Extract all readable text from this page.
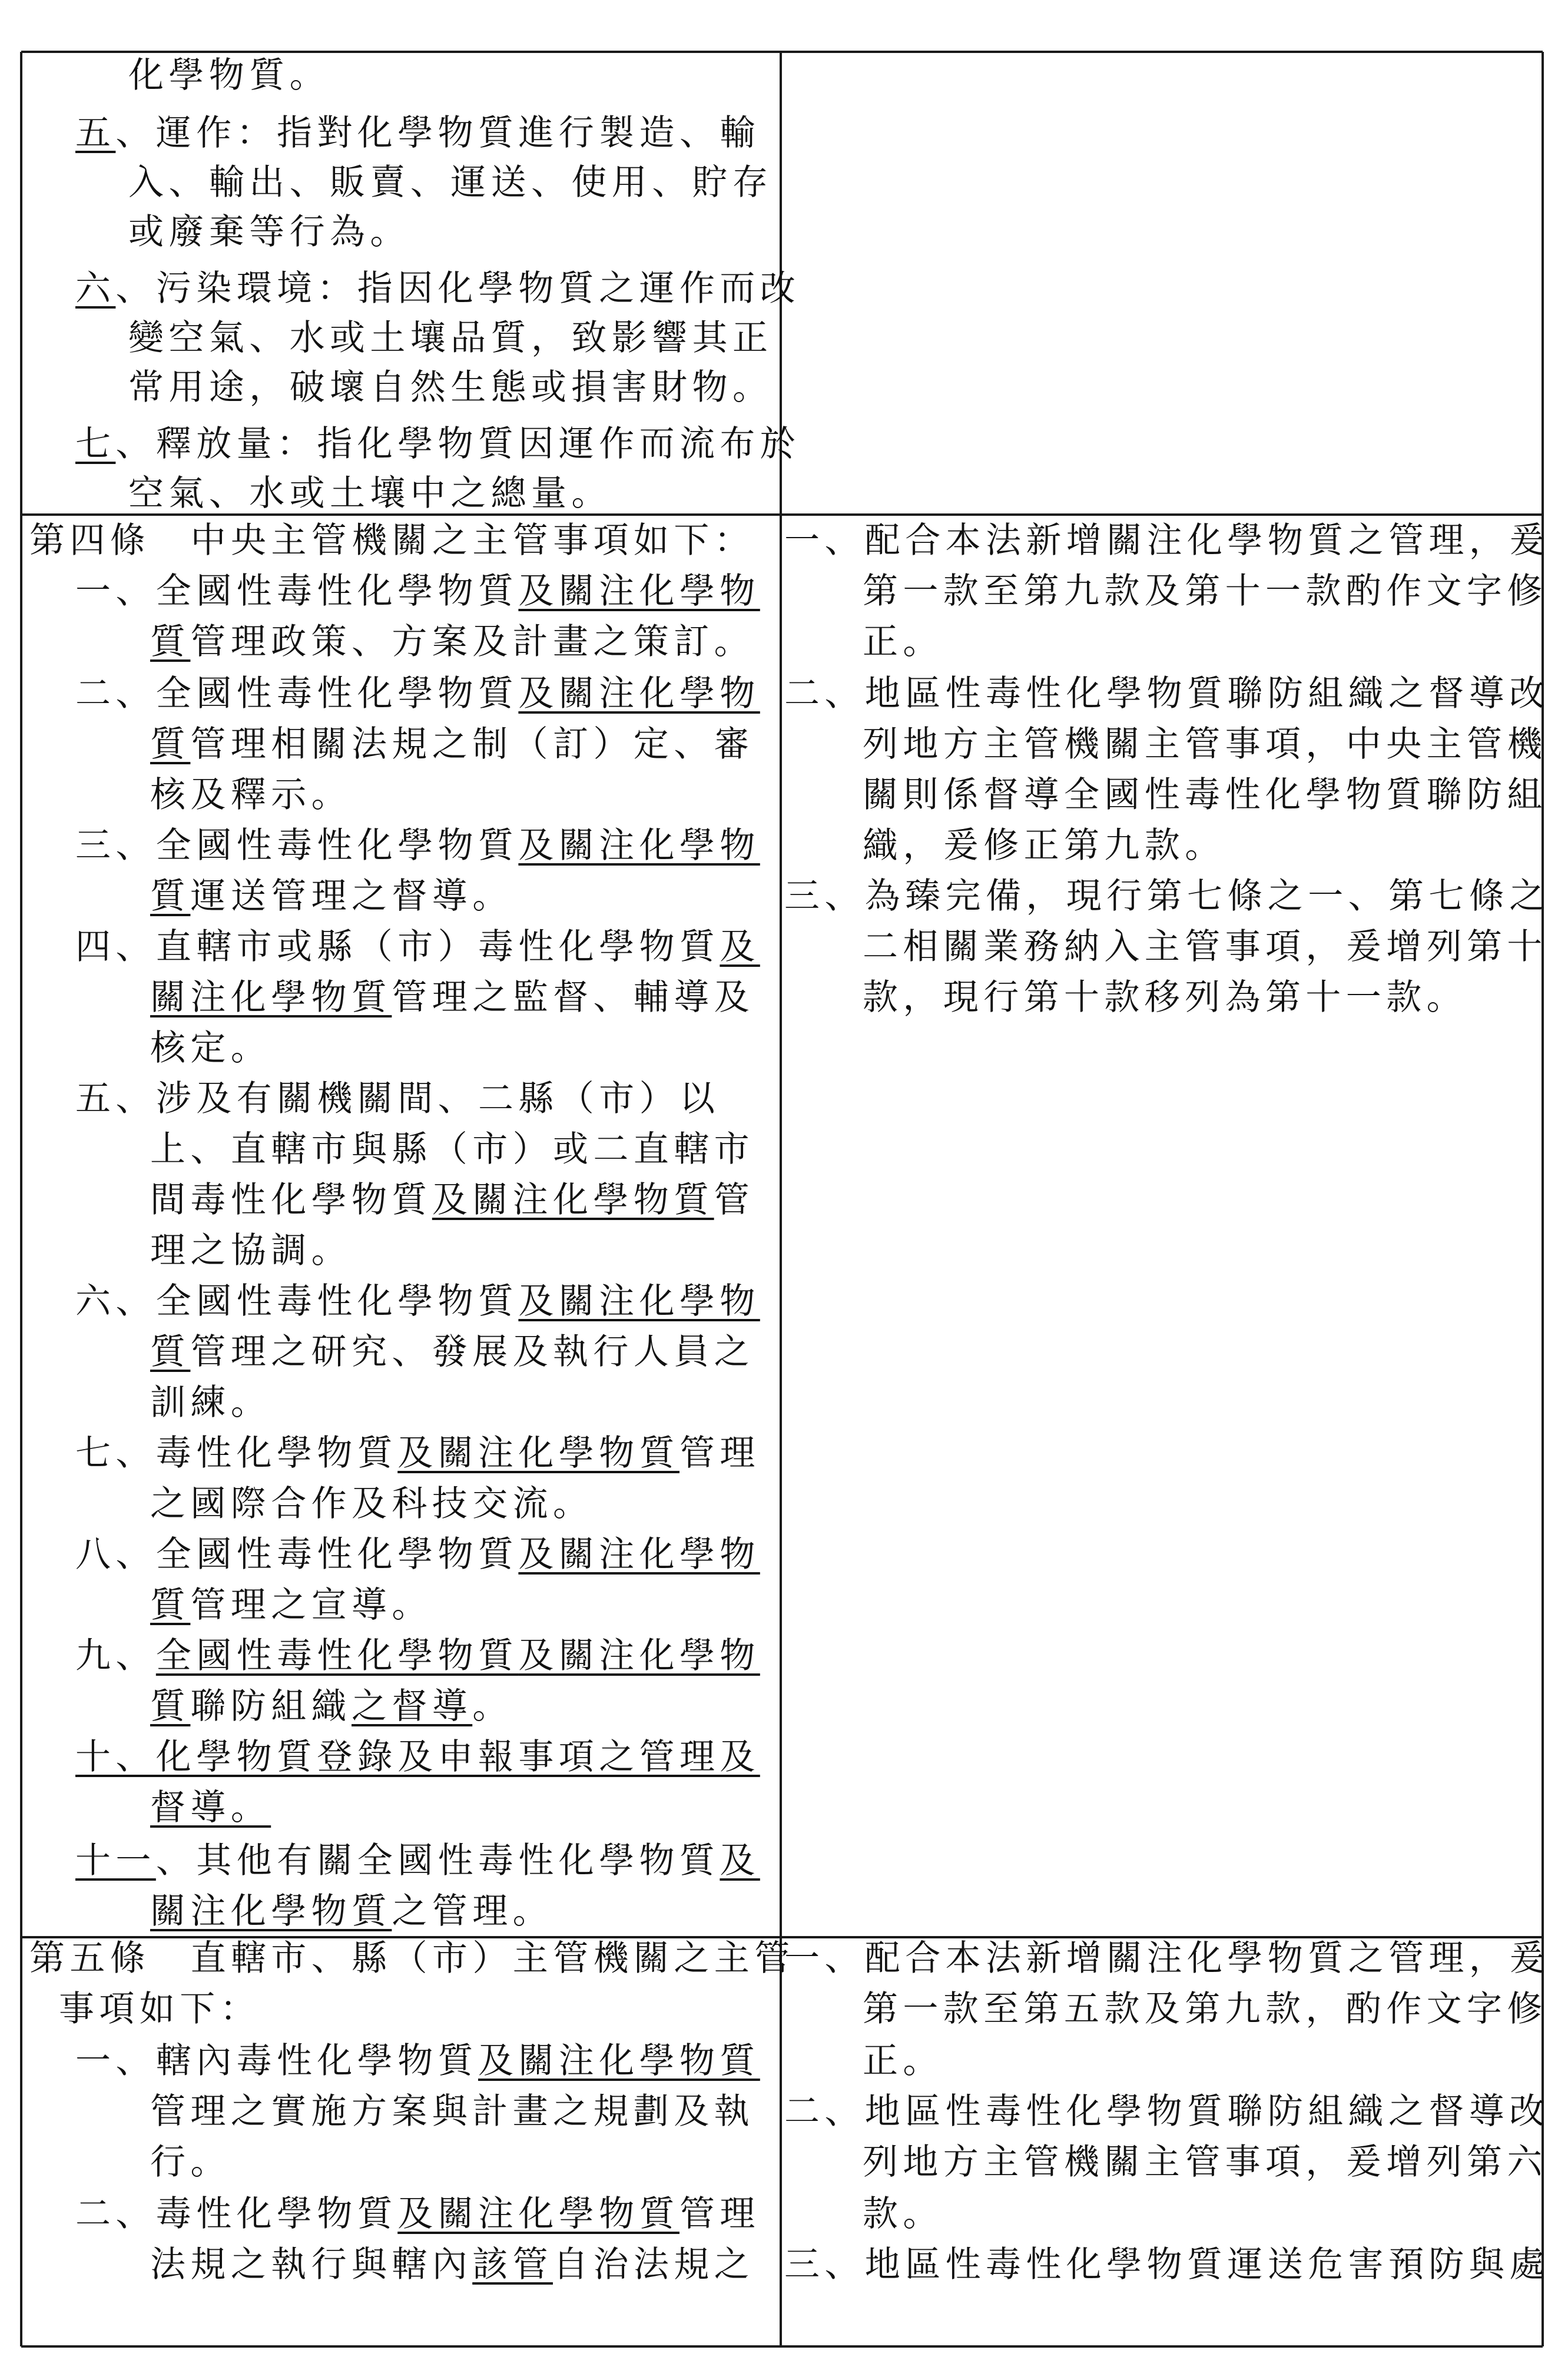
化學物質。
五、運作：指對化學物質進行製造、輸
入、輸出、販賣、運送、使用、貯存
或廢棄等行為。
六、污染環境：指因化學物質之運作而改
變空氣、水或土壤品質，致影響其正
常用途，破壞自然生態或損害財物。
七、釋放量：指化學物質因運作而流布於
空氣、水或土壤中之總量。
第四條　中央主管機關之主管事項如下：
一、全國性毒性化學物質及關注化學物
質管理政策、方案及計畫之策訂。
二、全國性毒性化學物質及關注化學物
質管理相關法規之制（訂）定、審
核及釋示。
三、全國性毒性化學物質及關注化學物
質運送管理之督導。
四、直轄市或縣（市）毒性化學物質及
關注化學物質管理之監督、輔導及
核定。
五、涉及有關機關間、二縣（市）以
上、直轄市與縣（市）或二直轄市
間毒性化學物質及關注化學物質管
理之協調。
六、全國性毒性化學物質及關注化學物
質管理之研究、發展及執行人員之
訓練。
七、毒性化學物質及關注化學物質管理
之國際合作及科技交流。
八、全國性毒性化學物質及關注化學物
質管理之宣導。
九、全國性毒性化學物質及關注化學物
質聯防組織之督導。
十、化學物質登錄及申報事項之管理及
督導。
十一、其他有關全國性毒性化學物質及
關注化學物質之管理。
第五條　直轄市、縣（市）主管機關之主管
事項如下：
一、轄內毒性化學物質及關注化學物質
管理之實施方案與計畫之規劃及執
行。
二、毒性化學物質及關注化學物質管理
法規之執行與轄內該管自治法規之
一、配合本法新增關注化學物質之管理，爰
第一款至第九款及第十一款酌作文字修
正。
二、地區性毒性化學物質聯防組織之督導改
列地方主管機關主管事項，中央主管機
關則係督導全國性毒性化學物質聯防組
織，爰修正第九款。
三、為臻完備，現行第七條之一、第七條之
二相關業務納入主管事項，爰增列第十
款，現行第十款移列為第十一款。
一、配合本法新增關注化學物質之管理，爰
第一款至第五款及第九款，酌作文字修
正。
二、地區性毒性化學物質聯防組織之督導改
列地方主管機關主管事項，爰增列第六
款。
三、地區性毒性化學物質運送危害預防與處
